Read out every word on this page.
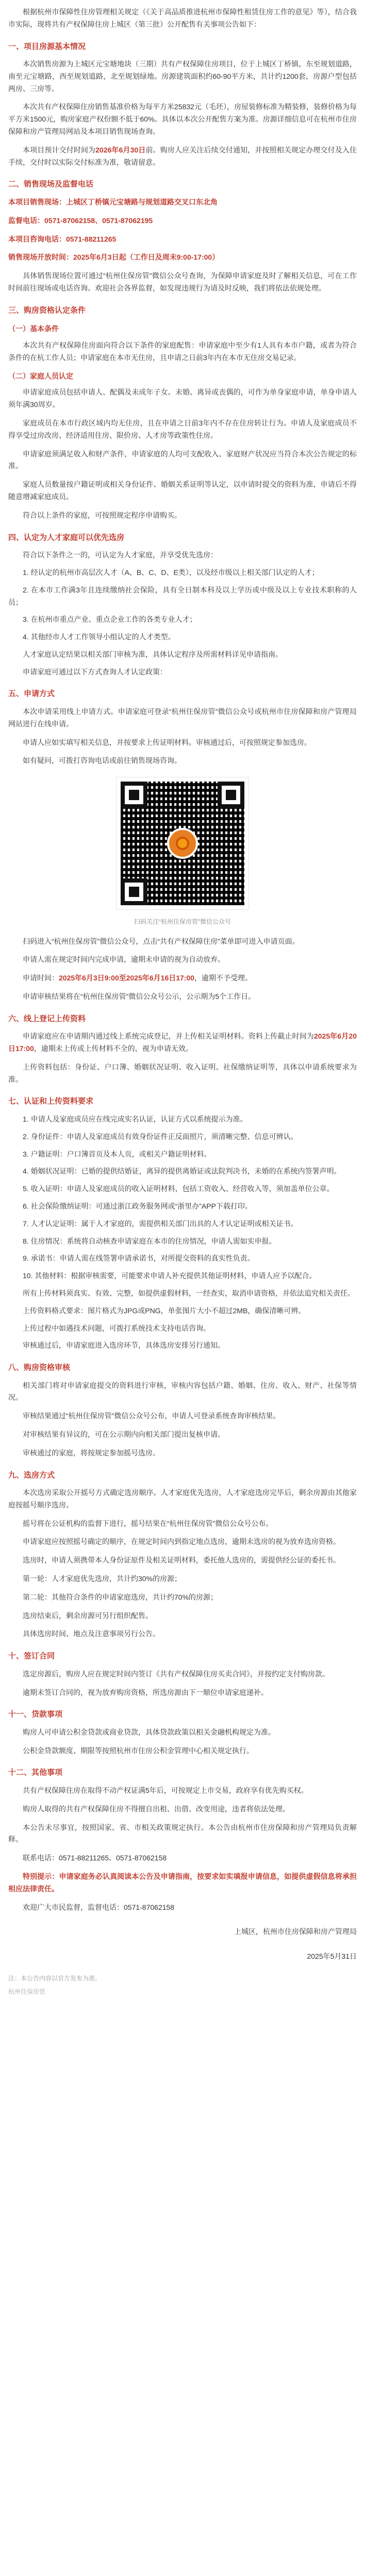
根据杭州市保障性住房管理相关规定（《关于高品质推进杭州市保障性租赁住房工作的意见》等），结合我市实际，现将共有产权保障住房上城区（第三批）公开配售有关事项公告如下：

一、项目房源基本情况

本次销售房源为上城区元宝塘地块（三期）共有产权保障住房项目，位于上城区丁桥镇，东至规划道路，南至元宝塘路，西至规划道路，北至规划绿地。房源建筑面积约60-90平方米，共计约1200套，房源户型包括两房、三房等。

本次共有产权保障住房销售基准价格为每平方米25832元（毛坯），房屋装修标准为精装修，装修价格为每平方米1500元，购房家庭产权份额不低于60%。具体以本次公开配售方案为准。房源详细信息可在杭州市住房保障和房产管理局网站及本项目销售现场查询。

本项目预计交付时间为2026年6月30日前。购房人应关注后续交付通知，并按照相关规定办理交付及入住手续，交付时以实际交付标准为准，敬请留意。

二、销售现场及监督电话

本项目销售现场：上城区丁桥镇元宝塘路与规划道路交叉口东北角

监督电话：0571-87062158、0571-87062195

本项目咨询电话：0571-88211265

销售现场开放时间：2025年6月3日起（工作日及周末9:00-17:00）

具体销售现场位置可通过“杭州住保房管”微信公众号查询，为保障申请家庭及时了解相关信息，可在工作时间前往现场或电话咨询。欢迎社会各界监督，如发现违规行为请及时反映，我们将依法依规处理。

三、购房资格认定条件
（一）基本条件

本次共有产权保障住房面向符合以下条件的家庭配售：申请家庭中至少有1人具有本市户籍，或者为符合条件的在杭工作人员；申请家庭在本市无住房，且申请之日前3年内在本市无住房交易记录。

（二）家庭人员认定

申请家庭成员包括申请人、配偶及未成年子女。未婚、离异或丧偶的，可作为单身家庭申请，单身申请人须年满30周岁。

家庭成员在本市行政区域内均无住房，且在申请之日前3年内不存在住房转让行为。申请人及家庭成员不得享受过房改房、经济适用住房、限价房、人才房等政策性住房。

申请家庭须满足收入和财产条件，申请家庭的人均可支配收入、家庭财产状况应当符合本次公告规定的标准。

家庭人员数量按户籍证明或相关身份证件、婚姻关系证明等认定，以申请时提交的资料为准，申请后不得随意增减家庭成员。

符合以上条件的家庭，可按照规定程序申请购买。

四、认定为人才家庭可以优先选房

符合以下条件之一的，可认定为人才家庭，并享受优先选房：

1. 经认定的杭州市高层次人才（A、B、C、D、E类），以及经市级以上相关部门认定的人才；

2. 在本市工作满3年且连续缴纳社会保险，具有全日制本科及以上学历或中级及以上专业技术职称的人员；

3. 在杭州市重点产业、重点企业工作的各类专业人才；

4. 其他经市人才工作领导小组认定的人才类型。

人才家庭认定结果以相关部门审核为准，具体认定程序及所需材料详见申请指南。

申请家庭可通过以下方式查询人才认定政策：

五、申请方式

本次申请采用线上申请方式。申请家庭可登录“杭州住保房管”微信公众号或杭州市住房保障和房产管理局网站进行在线申请。

申请人应如实填写相关信息，并按要求上传证明材料。审核通过后，可按照规定参加选房。

如有疑问，可拨打咨询电话或前往销售现场咨询。

扫码关注“杭州住保房管”微信公众号

扫码进入“杭州住保房管”微信公众号，点击“共有产权保障住房”菜单即可进入申请页面。

申请人需在规定时间内完成申请，逾期未申请的视为自动放弃。

申请时间：2025年6月3日9:00至2025年6月16日17:00，逾期不予受理。

申请审核结果将在“杭州住保房管”微信公众号公示，公示期为5个工作日。

六、线上登记上传资料

申请家庭应在申请期内通过线上系统完成登记，并上传相关证明材料。资料上传截止时间为2025年6月20日17:00，逾期未上传或上传材料不全的，视为申请无效。

上传资料包括：身份证、户口簿、婚姻状况证明、收入证明、社保缴纳证明等，具体以申请系统要求为准。

七、认证和上传资料要求

1. 申请人及家庭成员应在线完成实名认证，认证方式以系统提示为准。

2. 身份证件：申请人及家庭成员有效身份证件正反面照片，须清晰完整、信息可辨认。

3. 户籍证明：户口簿首页及本人页，或相关户籍证明材料。

4. 婚姻状况证明：已婚的提供结婚证，离异的提供离婚证或法院判决书，未婚的在系统内签署声明。

5. 收入证明：申请人及家庭成员的收入证明材料，包括工资收入、经营收入等，须加盖单位公章。

6. 社会保险缴纳证明：可通过浙江政务服务网或“浙里办”APP下载打印。

7. 人才认定证明：属于人才家庭的，需提供相关部门出具的人才认定证明或相关证书。

8. 住房情况：系统将自动核查申请家庭在本市的住房情况，申请人需如实申报。

9. 承诺书：申请人需在线签署申请承诺书，对所提交资料的真实性负责。

10. 其他材料：根据审核需要，可能要求申请人补充提供其他证明材料，申请人应予以配合。

所有上传材料须真实、有效、完整，如提供虚假材料，一经查实，取消申请资格，并依法追究相关责任。

上传资料格式要求：图片格式为JPG或PNG，单张图片大小不超过2MB，确保清晰可辨。

上传过程中如遇技术问题，可拨打系统技术支持电话咨询。

审核通过后，申请家庭进入选房环节，具体选房安排另行通知。

八、购房资格审核

相关部门将对申请家庭提交的资料进行审核，审核内容包括户籍、婚姻、住房、收入、财产、社保等情况。

审核结果通过“杭州住保房管”微信公众号公布，申请人可登录系统查询审核结果。

对审核结果有异议的，可在公示期内向相关部门提出复核申请。

审核通过的家庭，将按规定参加摇号选房。

九、选房方式

本次选房采取公开摇号方式确定选房顺序。人才家庭优先选房，人才家庭选房完毕后，剩余房源由其他家庭按摇号顺序选房。

摇号将在公证机构的监督下进行，摇号结果在“杭州住保房管”微信公众号公布。

申请家庭应按照摇号确定的顺序，在规定时间内到指定地点选房，逾期未选房的视为放弃选房资格。

选房时，申请人须携带本人身份证原件及相关证明材料，委托他人选房的，需提供经公证的委托书。

第一轮：人才家庭优先选房，共计约30%的房源；

第二轮：其他符合条件的申请家庭选房，共计约70%的房源；

选房结束后，剩余房源可另行组织配售。

具体选房时间、地点及注意事项另行公告。

十、签订合同

选定房源后，购房人应在规定时间内签订《共有产权保障住房买卖合同》，并按约定支付购房款。

逾期未签订合同的，视为放弃购房资格，所选房源由下一顺位申请家庭递补。

十一、贷款事项

购房人可申请公积金贷款或商业贷款，具体贷款政策以相关金融机构规定为准。

公积金贷款额度、期限等按照杭州市住房公积金管理中心相关规定执行。

十二、其他事项

共有产权保障住房在取得不动产权证满5年后，可按规定上市交易，政府享有优先购买权。

购房人取得的共有产权保障住房不得擅自出租、出借、改变用途，违者将依法处理。

本公告未尽事宜，按照国家、省、市相关政策规定执行。本公告由杭州市住房保障和房产管理局负责解释。

联系电话：0571-88211265、0571-87062158

特别提示：申请家庭务必认真阅读本公告及申请指南，按要求如实填报申请信息，如提供虚假信息将承担相应法律责任。

欢迎广大市民监督，监督电话：0571-87062158

上城区，杭州市住房保障和房产管理局
2025年5月31日
注：本公告内容以官方发布为准。
杭州住保房管
